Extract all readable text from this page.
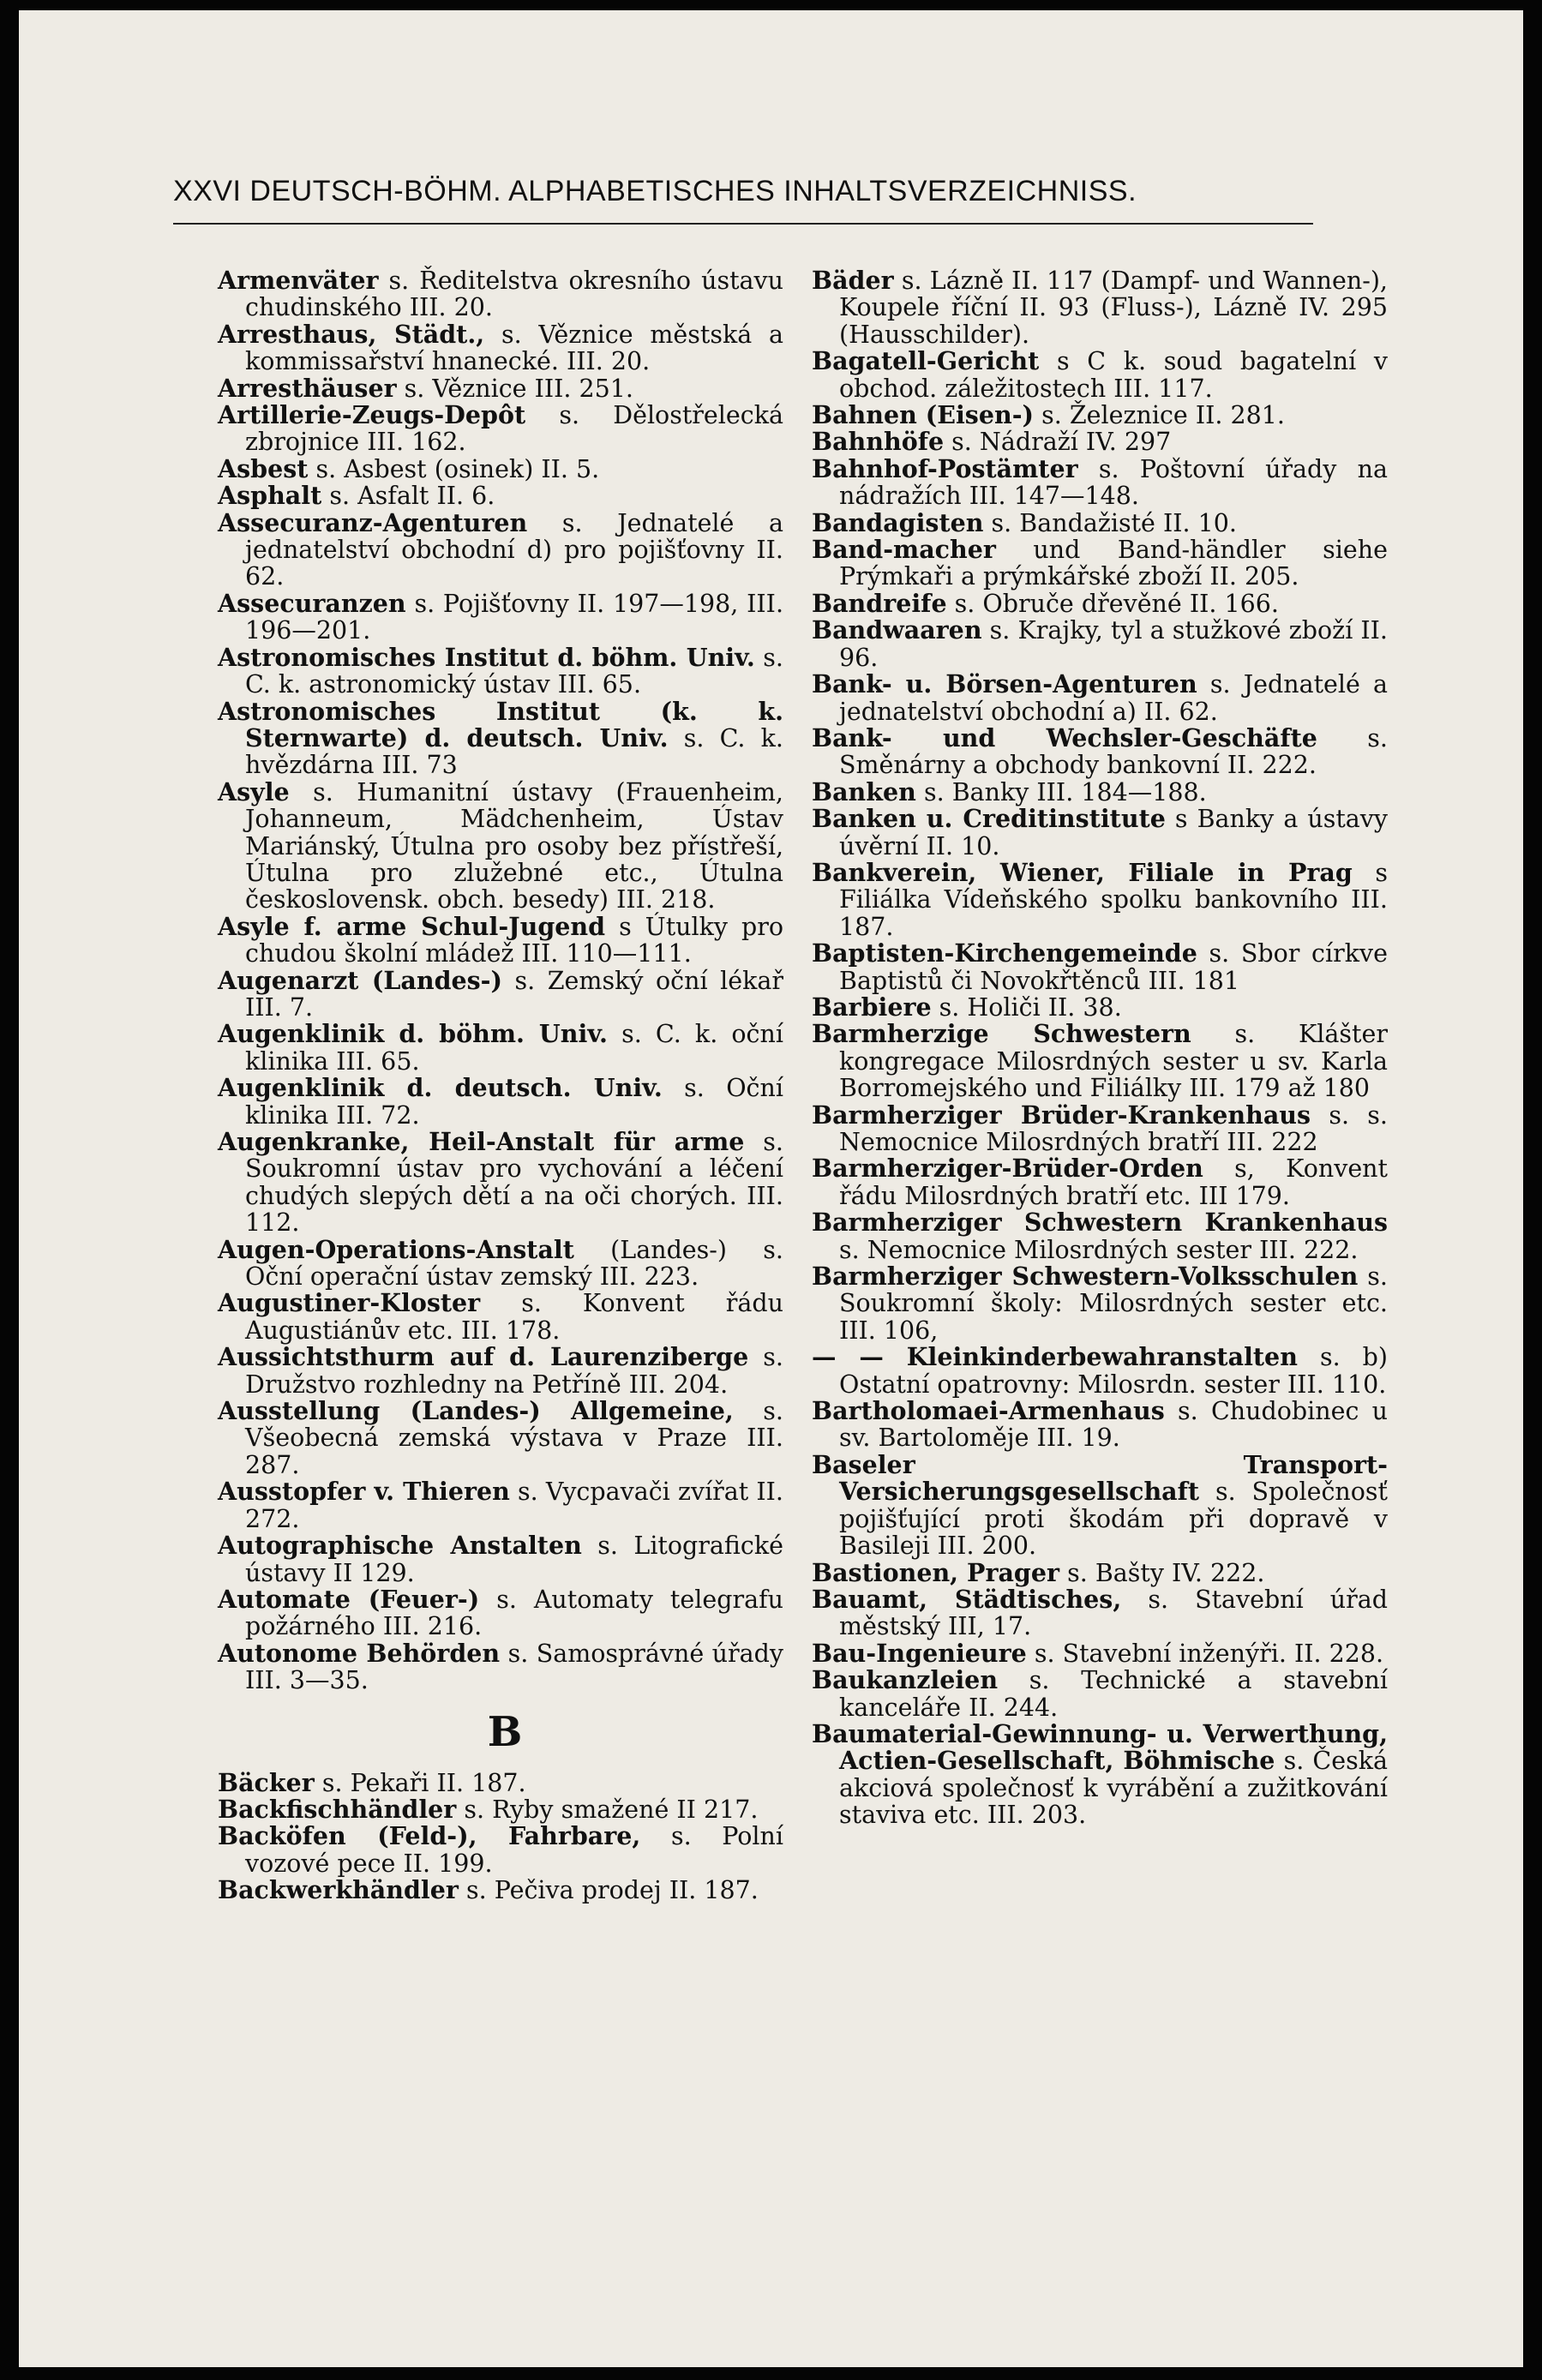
XXVI DEUTSCH-BÖHM. ALPHABETISCHES INHALTSVERZEICHNISS.

Armenväter s. Ředitelstva okresního ústavu chudinského III. 20.

Arresthaus, Städt., s. Věznice městská a kommissařství hnanecké. III. 20.

Arresthäuser s. Věznice III. 251.

Artillerie-Zeugs-Depôt s. Dělostřelecká zbrojnice III. 162.

Asbest s. Asbest (osinek) II. 5.

Asphalt s. Asfalt II. 6.

Assecuranz-Agenturen s. Jednatelé a jednatelství obchodní d) pro pojišťovny II. 62.

Assecuranzen s. Pojišťovny II. 197—198, III. 196—201.

Astronomisches Institut d. böhm. Univ. s. C. k. astronomický ústav III. 65.

Astronomisches Institut (k. k. Sternwarte) d. deutsch. Univ. s. C. k. hvězdárna III. 73

Asyle s. Humanitní ústavy (Frauenheim, Johanneum, Mädchenheim, Ústav Mariánský, Útulna pro osoby bez přístřeší, Útulna pro zlužebné etc., Útulna československ. obch. besedy) III. 218.

Asyle f. arme Schul-Jugend s Útulky pro chudou školní mládež III. 110—111.

Augenarzt (Landes-) s. Zemský oční lékař III. 7.

Augenklinik d. böhm. Univ. s. C. k. oční klinika III. 65.

Augenklinik d. deutsch. Univ. s. Oční klinika III. 72.

Augenkranke, Heil-Anstalt für arme s. Soukromní ústav pro vychování a léčení chudých slepých dětí a na oči chorých. III. 112.

Augen-Operations-Anstalt (Landes-) s. Oční operační ústav zemský III. 223.

Augustiner-Kloster s. Konvent řádu Augustiánův etc. III. 178.

Aussichtsthurm auf d. Laurenziberge s. Družstvo rozhledny na Petříně III. 204.

Ausstellung (Landes-) Allgemeine, s. Všeobecná zemská výstava v Praze III. 287.

Ausstopfer v. Thieren s. Vycpavači zvířat II. 272.

Autographische Anstalten s. Litografické ústavy II 129.

Automate (Feuer-) s. Automaty telegrafu požárného III. 216.

Autonome Behörden s. Samosprávné úřady III. 3—35.

B

Bäcker s. Pekaři II. 187.

Backfischhändler s. Ryby smažené II 217.

Backöfen (Feld-), Fahrbare, s. Polní vozové pece II. 199.

Backwerkhändler s. Pečiva prodej II. 187.

Bäder s. Lázně II. 117 (Dampf- und Wannen-), Koupele říční II. 93 (Fluss-), Lázně IV. 295 (Hausschilder).

Bagatell-Gericht s C k. soud bagatelní v obchod. záležitostech III. 117.

Bahnen (Eisen-) s. Železnice II. 281.

Bahnhöfe s. Nádraží IV. 297

Bahnhof-Postämter s. Poštovní úřady na nádražích III. 147—148.

Bandagisten s. Bandažisté II. 10.

Band-macher und Band-händler siehe Prýmkaři a prýmkářské zboží II. 205.

Bandreife s. Obruče dřevěné II. 166.

Bandwaaren s. Krajky, tyl a stužkové zboží II. 96.

Bank- u. Börsen-Agenturen s. Jednatelé a jednatelství obchodní a) II. 62.

Bank- und Wechsler-Geschäfte s. Směnárny a obchody bankovní II. 222.

Banken s. Banky III. 184—188.

Banken u. Creditinstitute s Banky a ústavy úvěrní II. 10.

Bankverein, Wiener, Filiale in Prag s Filiálka Vídeňského spolku bankovního III. 187.

Baptisten-Kirchengemeinde s. Sbor církve Baptistů či Novokřtěnců III. 181

Barbiere s. Holiči II. 38.

Barmherzige Schwestern s. Klášter kongregace Milosrdných sester u sv. Karla Borromejského und Filiálky III. 179 až 180

Barmherziger Brüder-Krankenhaus s. s. Nemocnice Milosrdných bratří III. 222

Barmherziger-Brüder-Orden s, Konvent řádu Milosrdných bratří etc. III 179.

Barmherziger Schwestern Krankenhaus s. Nemocnice Milosrdných sester III. 222.

Barmherziger Schwestern-Volksschulen s. Soukromní školy: Milosrdných sester etc. III. 106,

— — Kleinkinderbewahranstalten s. b) Ostatní opatrovny: Milosrdn. sester III. 110.

Bartholomaei-Armenhaus s. Chudobinec u sv. Bartoloměje III. 19.

Baseler Transport-Versicherungsgesellschaft s. Společnosť pojišťující proti škodám při dopravě v Basileji III. 200.

Bastionen, Prager s. Bašty IV. 222.

Bauamt, Städtisches, s. Stavební úřad městský III, 17.

Bau-Ingenieure s. Stavební inženýři. II. 228.

Baukanzleien s. Technické a stavební kanceláře II. 244.

Baumaterial-Gewinnung- u. Verwerthung, Actien-Gesellschaft, Böhmische s. Česká akciová společnosť k vyrábění a zužitkování staviva etc. III. 203.
